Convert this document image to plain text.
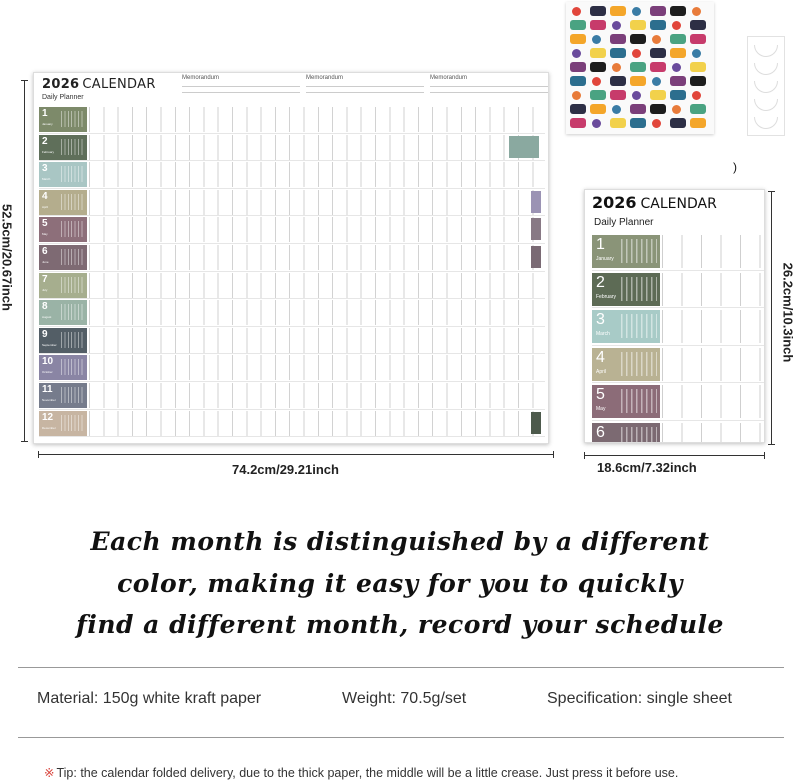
2026 CALENDAR
Daily Planner
Memorandum	Memorandum	Memorandum
1
January
2
February
3
March
4
April
5
May
6
June
7
July
8
August
9
September
10
October
11
November
12
December
)
2026 CALENDAR
Daily Planner
1
January
2
February
3
March
4
April
5
May
6
52.5cm/20.67inch
74.2cm/29.21inch
26.2cm/10.3inch
18.6cm/7.32inch
Each month is distinguished by a different
color, making it easy for you to quickly
find a different month, record your schedule
Material: 150g white kraft paper	Weight: 70.5g/set	Specification: single sheet
※ Tip: the calendar folded delivery, due to the thick paper, the middle will be a little crease. Just press it before use.
